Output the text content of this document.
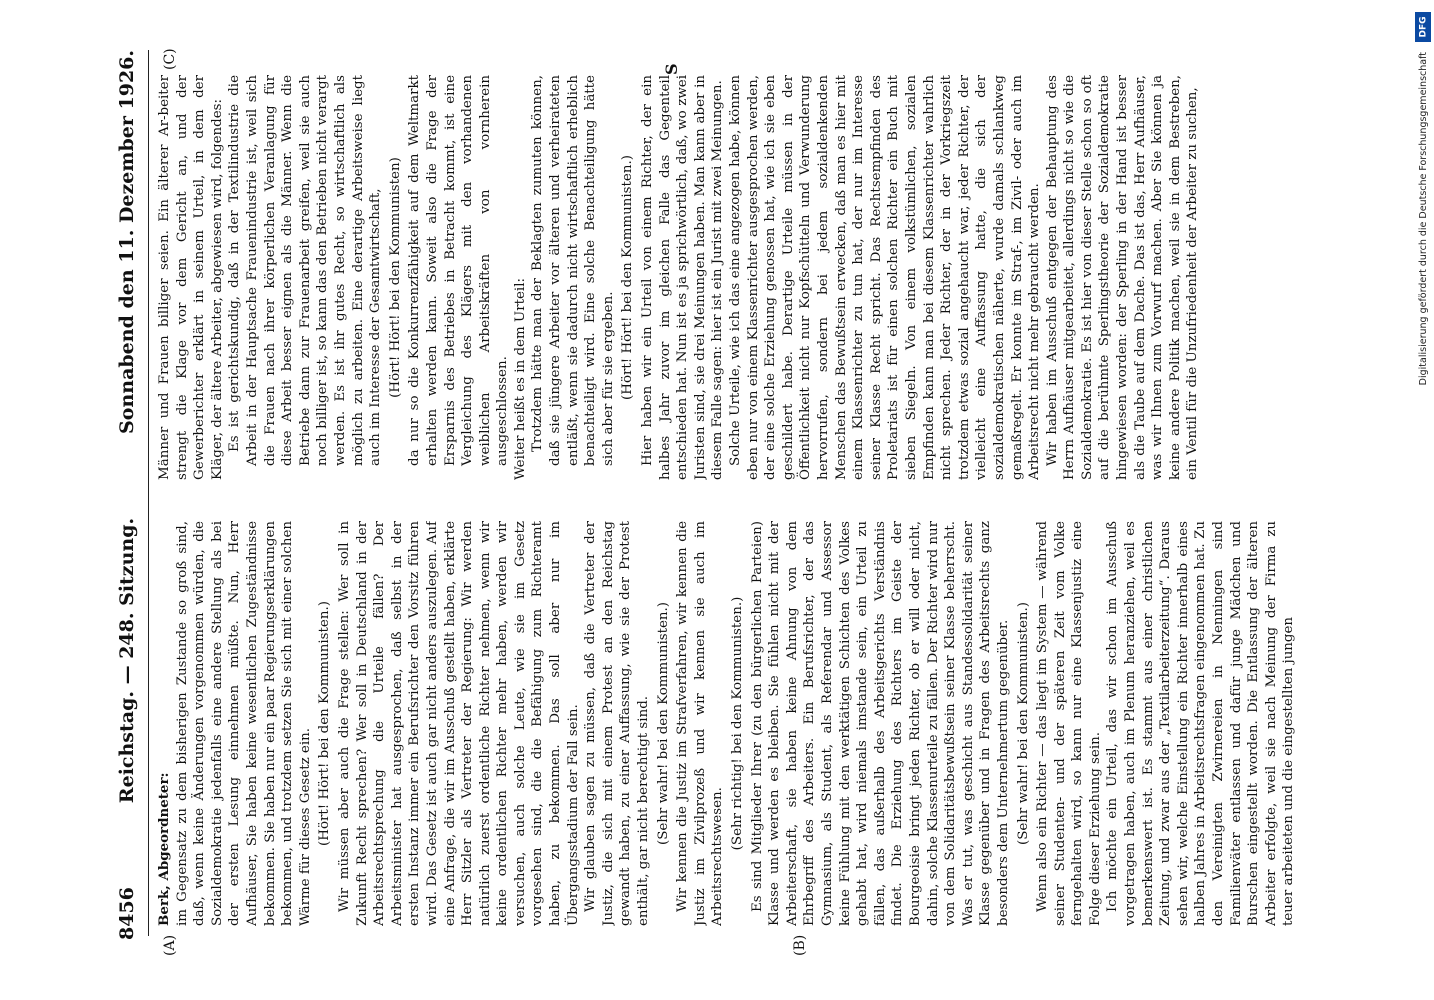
8456
Reichstag. — 248. Sitzung.
Sonnabend den 11. Dezember 1926.
(A)	(B)
(C)	S

Berk, Abgeordneter: im Gegensatz zu dem bisherigen Zustande so groß sind, daß, wenn keine Änderungen vorgenommen würden, die Sozialdemokratie jedenfalls eine andere Stellung als bei der ersten Lesung einnehmen müßte. Nun, Herr Aufhäuser, Sie haben keine wesentlichen Zugeständnisse bekommen. Sie haben nur ein paar Regierungserklärungen bekommen, und trotzdem setzen Sie sich mit einer solchen Wärme für dieses Gesetz ein. (Hört! Hört! bei den Kommunisten.) Wir müssen aber auch die Frage stellen: Wer soll in Zukunft Recht sprechen? Wer soll in Deutschland in der Arbeitsrechtsprechung die Urteile fällen? Der Arbeitsminister hat ausgesprochen, daß selbst in der ersten Instanz immer ein Berufsrichter den Vorsitz führen wird. Das Gesetz ist auch gar nicht anders auszulegen. Auf eine Anfrage, die wir im Ausschuß gestellt haben, erklärte Herr Sitzler als Vertreter der Regierung: Wir werden natürlich zuerst ordentliche Richter nehmen, wenn wir keine ordentlichen Richter mehr haben, werden wir versuchen, auch solche Leute, wie sie im Gesetz vorgesehen sind, die die Befähigung zum Richteramt haben, zu bekommen. Das soll aber nur im Übergangsstadium der Fall sein. Wir glauben sagen zu müssen, daß die Vertreter der Justiz, die sich mit einem Protest an den Reichstag gewandt haben, zu einer Auffassung, wie sie der Protest enthält, gar nicht berechtigt sind. (Sehr wahr! bei den Kommunisten.) Wir kennen die Justiz im Strafverfahren, wir kennen die Justiz im Zivilprozeß und wir kennen sie auch im Arbeitsrechtswesen.

(Sehr richtig! bei den Kommunisten.) Es sind Mitglieder Ihrer (zu den bürgerlichen Parteien) Klasse und werden es bleiben. Sie fühlen nicht mit der Arbeiterschaft, sie haben keine Ahnung von dem Ehrbegriff des Arbeiters. Ein Berufsrichter, der das Gymnasium, als Student, als Referendar und Assessor keine Fühlung mit den werktätigen Schichten des Volkes gehabt hat, wird niemals imstande sein, ein Urteil zu fällen, das außerhalb des Arbeitsgerichts Verständnis findet. Die Erziehung des Richters im Geiste der Bourgeoisie bringt jeden Richter, ob er will oder nicht, dahin, solche Klassenurteile zu fällen. Der Richter wird nur von dem Solidaritätsbewußtsein seiner Klasse beherrscht. Was er tut, was geschicht aus Standessolidarität seiner Klasse gegenüber und in Fragen des Arbeitsrechts ganz besonders dem Unternehmertum gegenüber. (Sehr wahr! bei den Kommunisten.) Wenn also ein Richter — das liegt im System — während seiner Studenten- und der späteren Zeit vom Volke ferngehalten wird, so kann nur eine Klassenjustiz eine Folge dieser Erziehung sein. Ich möchte ein Urteil, das wir schon im Ausschuß vorgetragen haben, auch im Plenum heranziehen, weil es bemerkenswert ist. Es stammt aus einer christlichen Zeitung, und zwar aus der „Textilarbeiterzeitung“. Daraus sehen wir, welche Einstellung ein Richter innerhalb eines halben Jahres in Arbeitsrechtsfragen eingenommen hat. Zu den Vereinigten Zwirnereien in Nenningen sind Familienväter entlassen und dafür junge Mädchen und Burschen eingestellt worden. Die Entlassung der älteren Arbeiter erfolgte, weil sie nach Meinung der Firma zu teuer arbeiteten und die eingestellten jungen

Männer und Frauen billiger seien. Ein älterer Ar-beiter strengt die Klage vor dem Gericht an, und der Gewerberichter erklärt in seinem Urteil, in dem der Kläger, der ältere Arbeiter, abgewiesen wird, folgendes: Es ist gerichtskundig, daß in der Textilindustrie die Arbeit in der Hauptsache Frauenindustrie ist, weil sich die Frauen nach ihrer körperlichen Veranlagung für diese Arbeit besser eignen als die Männer. Wenn die Betriebe dann zur Frauenarbeit greifen, weil sie auch noch billiger ist, so kann das den Betrieben nicht verargt werden. Es ist ihr gutes Recht, so wirtschaftlich als möglich zu arbeiten. Eine derartige Arbeitsweise liegt auch im Interesse der Gesamtwirtschaft, (Hört! Hört! bei den Kommunisten) da nur so die Konkurrenzfähigkeit auf dem Weltmarkt erhalten werden kann. Soweit also die Frage der Ersparnis des Betriebes in Betracht kommt, ist eine Vergleichung des Klägers mit den vorhandenen weiblichen Arbeitskräften von vornherein ausgeschlossen. Weiter heißt es in dem Urteil: Trotzdem hätte man der Beklagten zumuten können, daß sie jüngere Arbeiter vor älteren und verheirateten entläßt, wenn sie dadurch nicht wirtschaftlich erheblich benachteiligt wird. Eine solche Benachteiligung hätte sich aber für sie ergeben. (Hört! Hört! bei den Kommunisten.) Hier haben wir ein Urteil von einem Richter, der ein halbes Jahr zuvor im gleichen Falle das Gegenteil entschieden hat. Nun ist es ja sprichwörtlich, daß, wo zwei Juristen sind, sie drei Meinungen haben. Man kann aber in diesem Falle sagen: hier ist ein Jurist mit zwei Meinungen. Solche Urteile, wie ich das eine angezogen habe, können eben nur von einem Klassenrichter ausgesprochen werden, der eine solche Erziehung genossen hat, wie ich sie eben geschildert habe. Derartige Urteile müssen in der Öffentlichkeit nicht nur Kopfschütteln und Verwunderung hervorrufen, sondern bei jedem sozialdenkenden Menschen das Bewußtsein erwecken, daß man es hier mit einem Klassenrichter zu tun hat, der nur im Interesse seiner Klasse Recht spricht. Das Rechtsempfinden des Proletariats ist für einen solchen Richter ein Buch mit sieben Siegeln. Von einem volkstümlichen, sozialen Empfinden kann man bei diesem Klassenrichter wahrlich nicht sprechen. Jeder Richter, der in der Vorkriegszeit trotzdem etwas sozial angehaucht war, jeder Richter, der vielleicht eine Auffassung hatte, die sich der sozialdemokratischen näherte, wurde damals schlankweg gemaßregelt. Er konnte im Straf-, im Zivil- oder auch im Arbeitsrecht nicht mehr gebraucht werden. Wir haben im Ausschuß entgegen der Behauptung des Herrn Aufhäuser mitgearbeitet, allerdings nicht so wie die Sozialdemokratie. Es ist hier von dieser Stelle schon so oft auf die berühmte Sperlingstheorie der Sozialdemokratie hingewiesen worden: der Sperling in der Hand ist besser als die Taube auf dem Dache. Das ist das, Herr Aufhäuser, was wir Ihnen zum Vorwurf machen. Aber Sie können ja keine andere Politik machen, weil sie in dem Bestreben, ein Ventil für die Unzufriedenheit der Arbeiter zu suchen,

DFG
Digitalisierung gefördert durch die Deutsche Forschungsgemeinschaft
